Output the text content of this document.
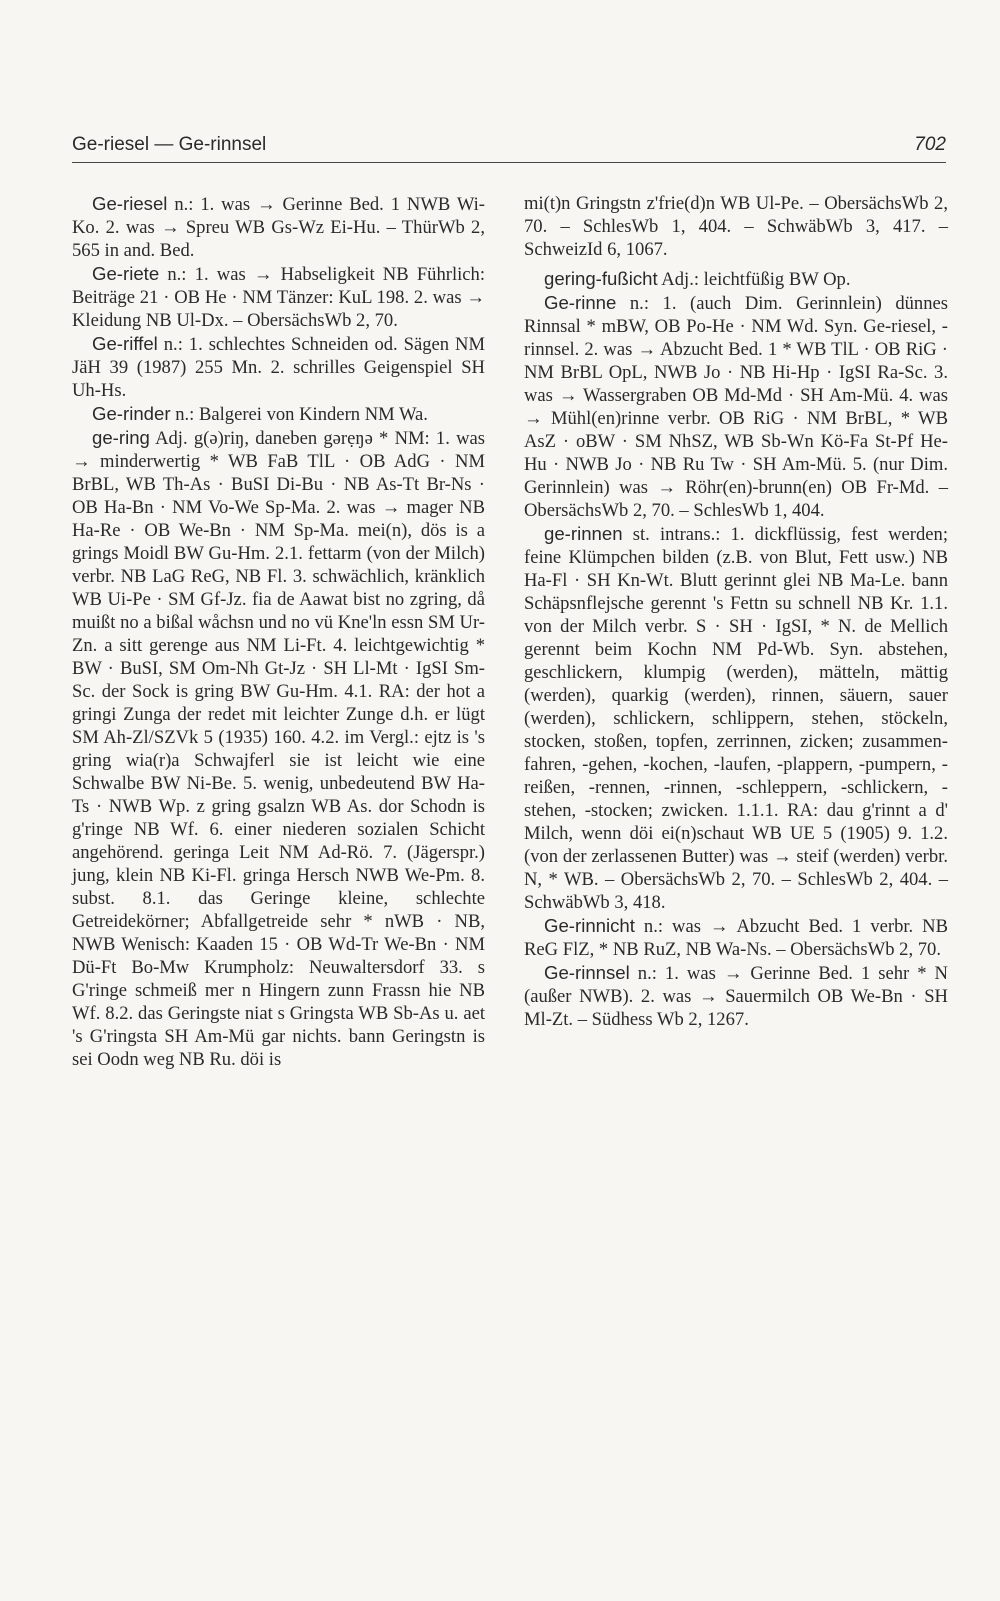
Ge-riesel — Ge-rinnsel	702

Ge-riesel n.: 1. was → Gerinne Bed. 1 NWB Wi-Ko. 2. was → Spreu WB Gs-Wz Ei-Hu. – ThürWb 2, 565 in and. Bed.

Ge-riete n.: 1. was → Habseligkeit NB Führlich: Beiträge 21 · OB He · NM Tänzer: KuL 198. 2. was → Kleidung NB Ul-Dx. – ObersächsWb 2, 70.

Ge-riffel n.: 1. schlechtes Schneiden od. Sägen NM JäH 39 (1987) 255 Mn. 2. schrilles Geigenspiel SH Uh-Hs.

Ge-rinder n.: Balgerei von Kindern NM Wa.

ge-ring Adj. g(ə)riŋ, daneben gərẹŋə * NM: 1. was → minderwertig * WB FaB TlL · OB AdG · NM BrBL, WB Th-As · BuSI Di-Bu · NB As-Tt Br-Ns · OB Ha-Bn · NM Vo-We Sp-Ma. 2. was → mager NB Ha-Re · OB We-Bn · NM Sp-Ma. mei(n), dös is a grings Moidl BW Gu-Hm. 2.1. fettarm (von der Milch) verbr. NB LaG ReG, NB Fl. 3. schwächlich, kränklich WB Ui-Pe · SM Gf-Jz. fia de Aawat bist no zgring, då muißt no a bißal wåchsn und no vü Kne'ln essn SM Ur-Zn. a sitt gerenge aus NM Li-Ft. 4. leichtgewichtig * BW · BuSI, SM Om-Nh Gt-Jz · SH Ll-Mt · IgSI Sm-Sc. der Sock is gring BW Gu-Hm. 4.1. RA: der hot a gringi Zunga der redet mit leichter Zunge d.h. er lügt SM Ah-Zl/SZVk 5 (1935) 160. 4.2. im Vergl.: ejtz is 's gring wia(r)a Schwajferl sie ist leicht wie eine Schwalbe BW Ni-Be. 5. wenig, unbedeutend BW Ha-Ts · NWB Wp. z gring gsalzn WB As. dor Schodn is g'ringe NB Wf. 6. einer niederen sozialen Schicht angehörend. geringa Leit NM Ad-Rö. 7. (Jägerspr.) jung, klein NB Ki-Fl. gringa Hersch NWB We-Pm. 8. subst. 8.1. das Geringe kleine, schlechte Getreidekörner; Abfallgetreide sehr * nWB · NB, NWB Wenisch: Kaaden 15 · OB Wd-Tr We-Bn · NM Dü-Ft Bo-Mw Krumpholz: Neuwaltersdorf 33. s G'ringe schmeiß mer n Hingern zunn Frassn hie NB Wf. 8.2. das Geringste niat s Gringsta WB Sb-As u. aet 's G'ringsta SH Am-Mü gar nichts. bann Geringstn is sei Oodn weg NB Ru. döi is

mi(t)n Gringstn z'frie(d)n WB Ul-Pe. – ObersächsWb 2, 70. – SchlesWb 1, 404. – SchwäbWb 3, 417. – SchweizId 6, 1067.

gering-fußicht Adj.: leichtfüßig BW Op.

Ge-rinne n.: 1. (auch Dim. Gerinnlein) dünnes Rinnsal * mBW, OB Po-He · NM Wd. Syn. Ge-riesel, -rinnsel. 2. was → Abzucht Bed. 1 * WB TlL · OB RiG · NM BrBL OpL, NWB Jo · NB Hi-Hp · IgSI Ra-Sc. 3. was → Wassergraben OB Md-Md · SH Am-Mü. 4. was → Mühl(en)rinne verbr. OB RiG · NM BrBL, * WB AsZ · oBW · SM NhSZ, WB Sb-Wn Kö-Fa St-Pf He-Hu · NWB Jo · NB Ru Tw · SH Am-Mü. 5. (nur Dim. Gerinnlein) was → Röhr(en)-brunn(en) OB Fr-Md. – ObersächsWb 2, 70. – SchlesWb 1, 404.

ge-rinnen st. intrans.: 1. dickflüssig, fest werden; feine Klümpchen bilden (z.B. von Blut, Fett usw.) NB Ha-Fl · SH Kn-Wt. Blutt gerinnt glei NB Ma-Le. bann Schäpsnflejsche gerennt 's Fettn su schnell NB Kr. 1.1. von der Milch verbr. S · SH · IgSI, * N. de Mellich gerennt beim Kochn NM Pd-Wb. Syn. abstehen, geschlickern, klumpig (werden), mätteln, mättig (werden), quarkig (werden), rinnen, säuern, sauer (werden), schlickern, schlippern, stehen, stöckeln, stocken, stoßen, topfen, zerrinnen, zicken; zusammen-fahren, -gehen, -kochen, -laufen, -plappern, -pumpern, -reißen, -rennen, -rinnen, -schleppern, -schlickern, -stehen, -stocken; zwicken. 1.1.1. RA: dau g'rinnt a d' Milch, wenn döi ei(n)schaut WB UE 5 (1905) 9. 1.2. (von der zerlassenen Butter) was → steif (werden) verbr. N, * WB. – ObersächsWb 2, 70. – SchlesWb 2, 404. – SchwäbWb 3, 418.

Ge-rinnicht n.: was → Abzucht Bed. 1 verbr. NB ReG FlZ, * NB RuZ, NB Wa-Ns. – ObersächsWb 2, 70.

Ge-rinnsel n.: 1. was → Gerinne Bed. 1 sehr * N (außer NWB). 2. was → Sauermilch OB We-Bn · SH Ml-Zt. – Südhess Wb 2, 1267.
